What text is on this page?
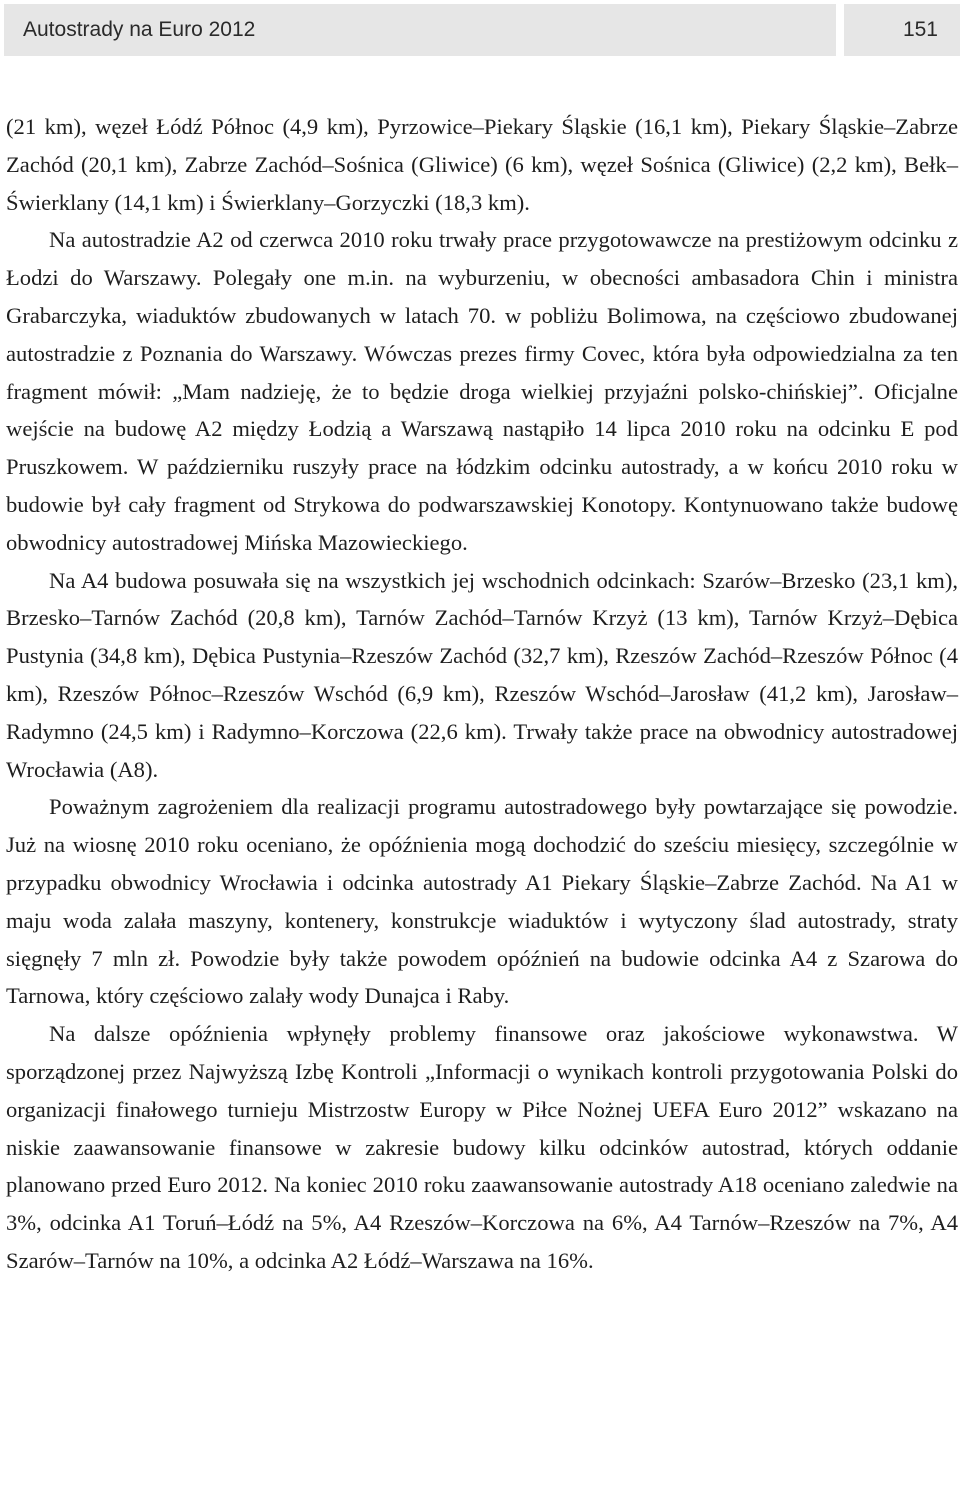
Autostrady na Euro 2012	151

(21 km), węzeł Łódź Północ (4,9 km), Pyrzowice–Piekary Śląskie (16,1 km), Piekary Śląskie–Zabrze Zachód (20,1 km), Zabrze Zachód–Sośnica (Gliwice) (6 km), węzeł Sośnica (Gliwice) (2,2 km), Bełk–Świerklany (14,1 km) i Świerklany–Gorzyczki (18,3 km).

Na autostradzie A2 od czerwca 2010 roku trwały prace przygotowawcze na prestiżowym odcinku z Łodzi do Warszawy. Polegały one m.in. na wyburzeniu, w obecności ambasadora Chin i ministra Grabarczyka, wiaduktów zbudowanych w latach 70. w pobliżu Bolimowa, na częściowo zbudowanej autostradzie z Poznania do Warszawy. Wówczas prezes firmy Covec, która była odpowiedzialna za ten fragment mówił: „Mam nadzieję, że to będzie droga wielkiej przyjaźni polsko-chińskiej”. Oficjalne wejście na budowę A2 między Łodzią a Warszawą nastąpiło 14 lipca 2010 roku na odcinku E pod Pruszkowem. W październiku ruszyły prace na łódzkim odcinku autostrady, a w końcu 2010 roku w budowie był cały fragment od Strykowa do podwarszawskiej Konotopy. Kontynuowano także budowę obwodnicy autostradowej Mińska Mazowieckiego.

Na A4 budowa posuwała się na wszystkich jej wschodnich odcinkach: Szarów–Brzesko (23,1 km), Brzesko–Tarnów Zachód (20,8 km), Tarnów Zachód–Tarnów Krzyż (13 km), Tarnów Krzyż–Dębica Pustynia (34,8 km), Dębica Pustynia–Rzeszów Zachód (32,7 km), Rzeszów Zachód–Rzeszów Północ (4 km), Rzeszów Północ–Rzeszów Wschód (6,9 km), Rzeszów Wschód–Jarosław (41,2 km), Jarosław–Radymno (24,5 km) i Radymno–Korczowa (22,6 km). Trwały także prace na obwodnicy autostradowej Wrocławia (A8).

Poważnym zagrożeniem dla realizacji programu autostradowego były powtarzające się powodzie. Już na wiosnę 2010 roku oceniano, że opóźnienia mogą dochodzić do sześciu miesięcy, szczególnie w przypadku obwodnicy Wrocławia i odcinka autostrady A1 Piekary Śląskie–Zabrze Zachód. Na A1 w maju woda zalała maszyny, kontenery, konstrukcje wiaduktów i wytyczony ślad autostrady, straty sięgnęły 7 mln zł. Powodzie były także powodem opóźnień na budowie odcinka A4 z Szarowa do Tarnowa, który częściowo zalały wody Dunajca i Raby.

Na dalsze opóźnienia wpłynęły problemy finansowe oraz jakościowe wykonawstwa. W sporządzonej przez Najwyższą Izbę Kontroli „Informacji o wynikach kontroli przygotowania Polski do organizacji finałowego turnieju Mistrzostw Europy w Piłce Nożnej UEFA Euro 2012” wskazano na niskie zaawansowanie finansowe w zakresie budowy kilku odcinków autostrad, których oddanie planowano przed Euro 2012. Na koniec 2010 roku zaawansowanie autostrady A18 oceniano zaledwie na 3%, odcinka A1 Toruń–Łódź na 5%, A4 Rzeszów–Korczowa na 6%, A4 Tarnów–Rzeszów na 7%, A4 Szarów–Tarnów na 10%, a odcinka A2 Łódź–Warszawa na 16%.
